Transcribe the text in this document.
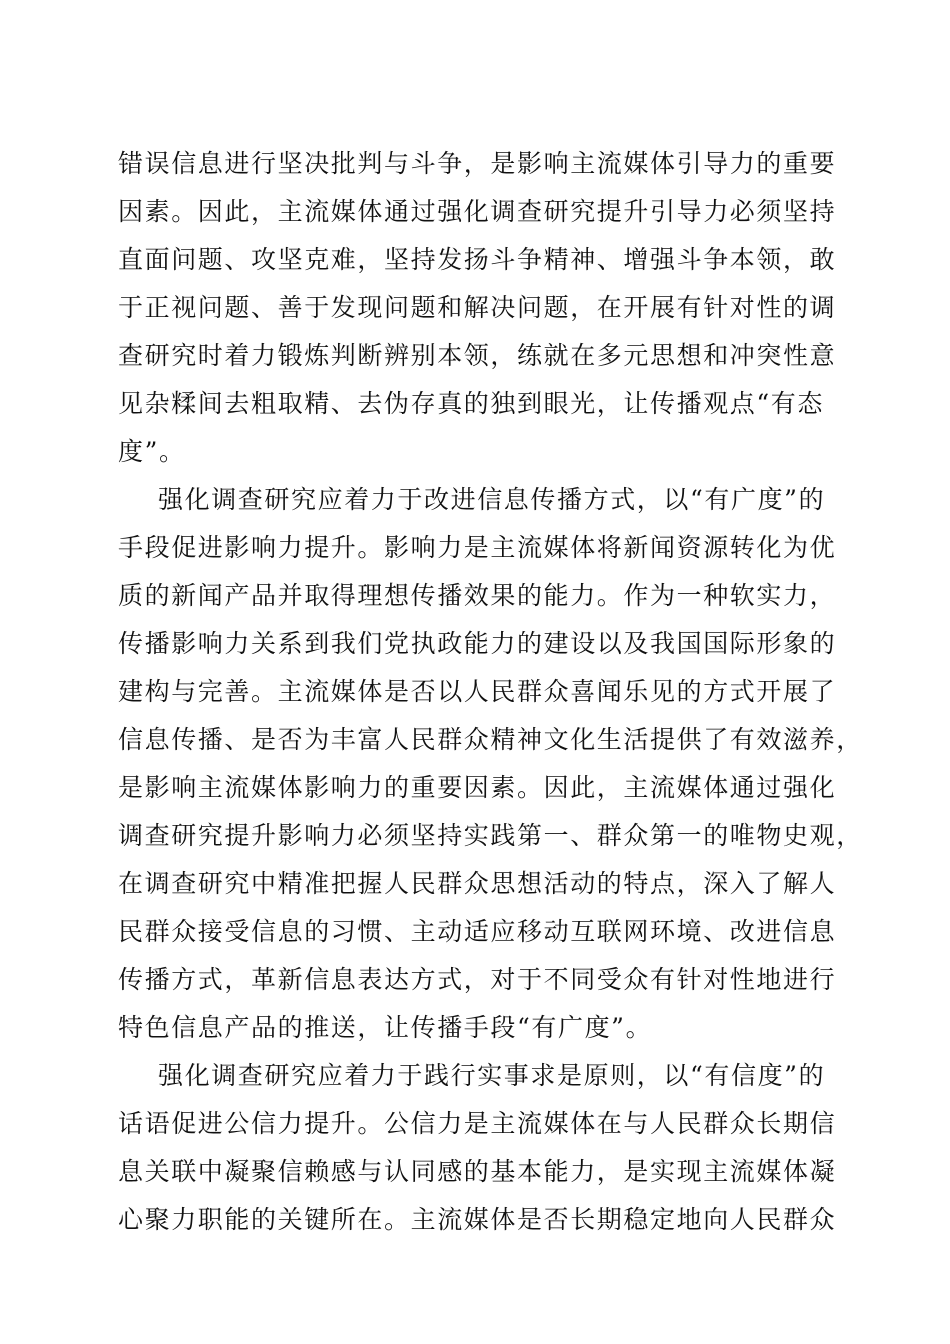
错误信息进行坚决批判与斗争，是影响主流媒体引导力的重要
因素。因此，主流媒体通过强化调查研究提升引导力必须坚持
直面问题、攻坚克难，坚持发扬斗争精神、增强斗争本领，敢
于正视问题、善于发现问题和解决问题，在开展有针对性的调
查研究时着力锻炼判断辨别本领，练就在多元思想和冲突性意
见杂糅间去粗取精、去伪存真的独到眼光，让传播观点“有态
度”。
强化调查研究应着力于改进信息传播方式，以“有广度”的
手段促进影响力提升。影响力是主流媒体将新闻资源转化为优
质的新闻产品并取得理想传播效果的能力。作为一种软实力，
传播影响力关系到我们党执政能力的建设以及我国国际形象的
建构与完善。主流媒体是否以人民群众喜闻乐见的方式开展了
信息传播、是否为丰富人民群众精神文化生活提供了有效滋养，
是影响主流媒体影响力的重要因素。因此，主流媒体通过强化
调查研究提升影响力必须坚持实践第一、群众第一的唯物史观，
在调查研究中精准把握人民群众思想活动的特点，深入了解人
民群众接受信息的习惯、主动适应移动互联网环境、改进信息
传播方式，革新信息表达方式，对于不同受众有针对性地进行
特色信息产品的推送，让传播手段“有广度”。
强化调查研究应着力于践行实事求是原则，以“有信度”的
话语促进公信力提升。公信力是主流媒体在与人民群众长期信
息关联中凝聚信赖感与认同感的基本能力，是实现主流媒体凝
心聚力职能的关键所在。主流媒体是否长期稳定地向人民群众
